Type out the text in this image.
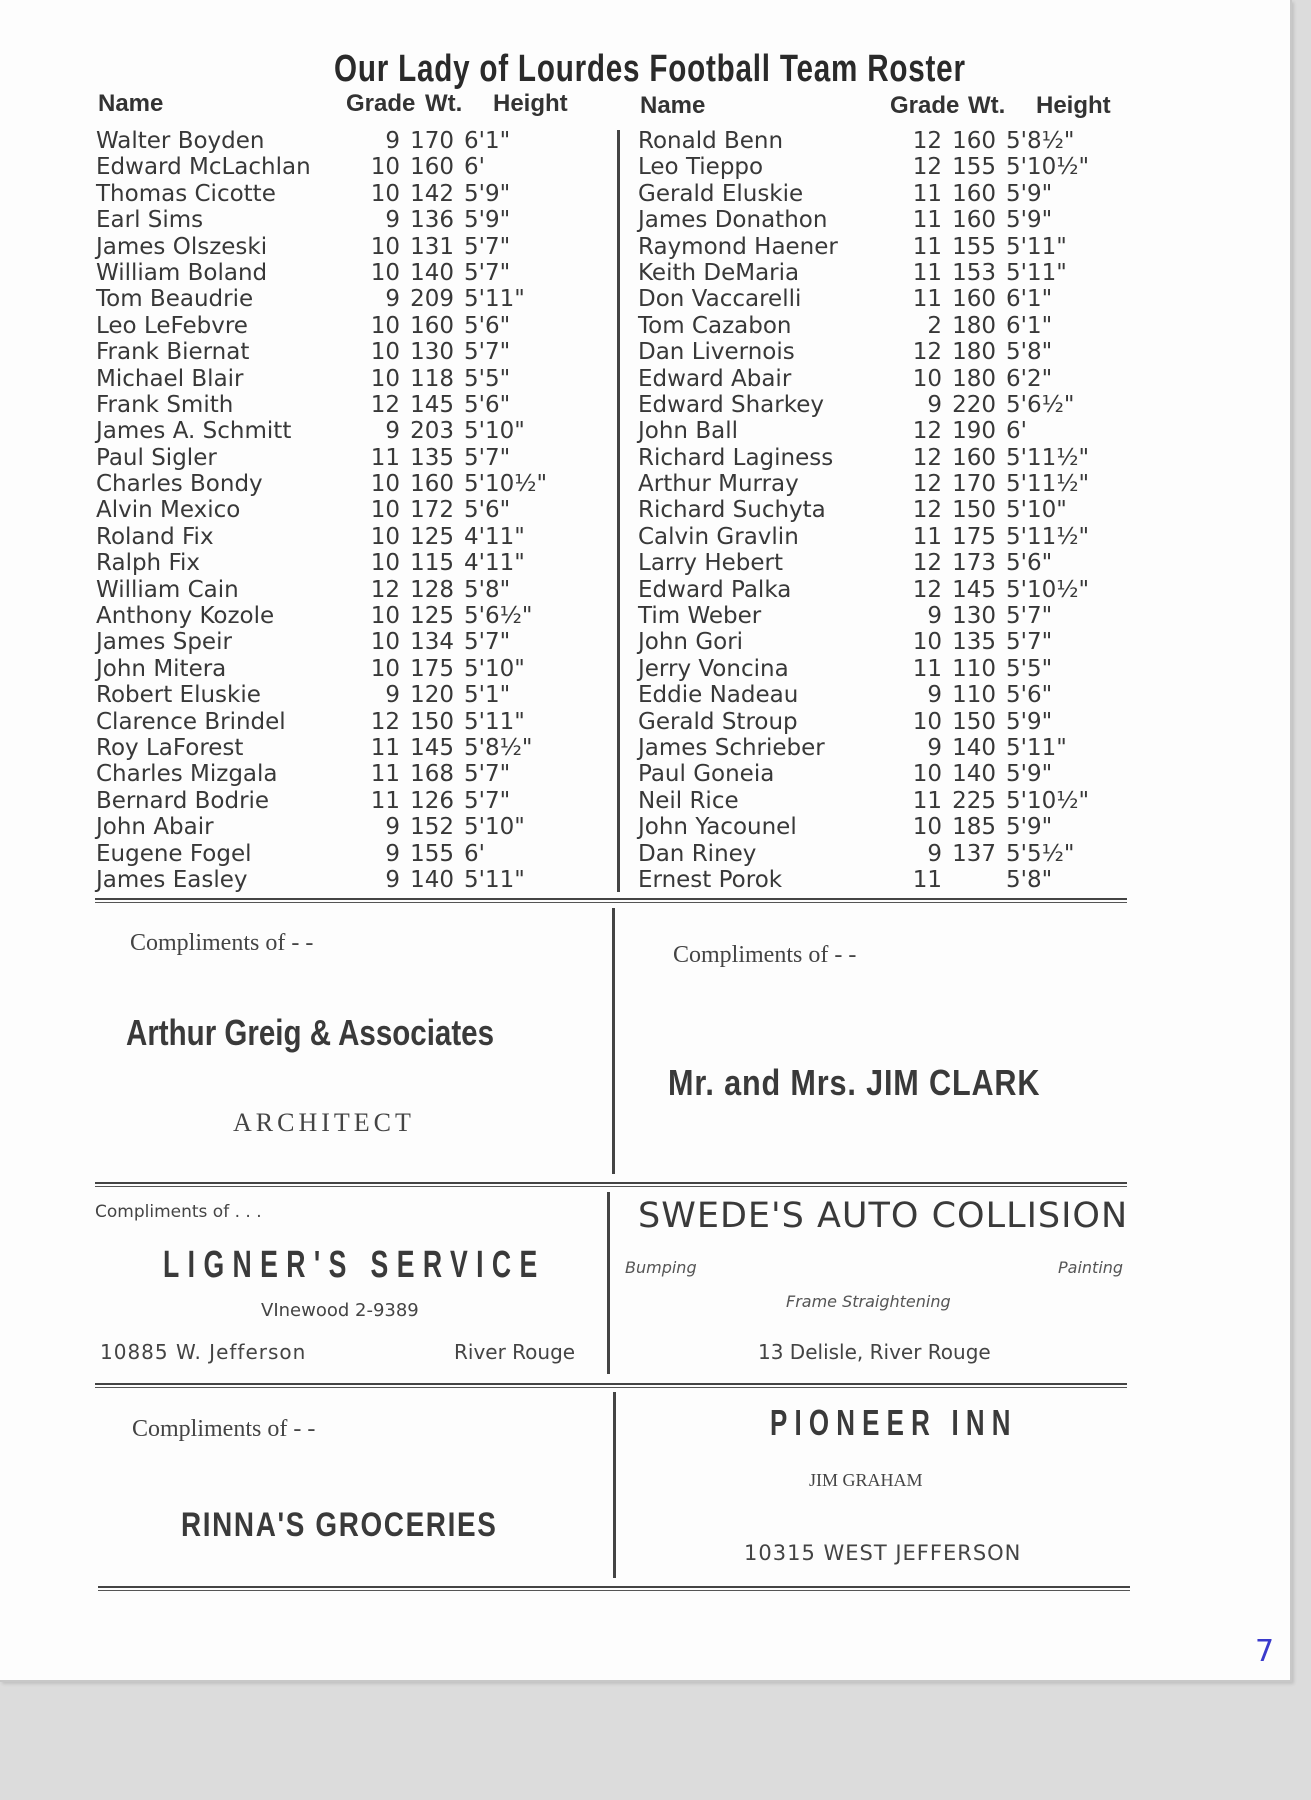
Our Lady of Lourdes Football Team Roster
Name	Grade Wt. Height	Name	Grade Wt. Height
Walter Boyden	9 170 6'1"
Edward McLachlan	10 160 6'
Thomas Cicotte	10 142 5'9"
Earl Sims	9 136 5'9"
James Olszeski	10 131 5'7"
William Boland	10 140 5'7"
Tom Beaudrie	9 209 5'11"
Leo LeFebvre	10 160 5'6"
Frank Biernat	10 130 5'7"
Michael Blair	10 118 5'5"
Frank Smith	12 145 5'6"
James A. Schmitt	9 203 5'10"
Paul Sigler	11 135 5'7"
Charles Bondy	10 160 5'10½"
Alvin Mexico	10 172 5'6"
Roland Fix	10 125 4'11"
Ralph Fix	10 115 4'11"
William Cain	12 128 5'8"
Anthony Kozole	10 125 5'6½"
James Speir	10 134 5'7"
John Mitera	10 175 5'10"
Robert Eluskie	9 120 5'1"
Clarence Brindel	12 150 5'11"
Roy LaForest	11 145 5'8½"
Charles Mizgala	11 168 5'7"
Bernard Bodrie	11 126 5'7"
John Abair	9 152 5'10"
Eugene Fogel	9 155 6'
James Easley	9 140 5'11"
Ronald Benn	12 160 5'8½"
Leo Tieppo	12 155 5'10½"
Gerald Eluskie	11 160 5'9"
James Donathon	11 160 5'9"
Raymond Haener	11 155 5'11"
Keith DeMaria	11 153 5'11"
Don Vaccarelli	11 160 6'1"
Tom Cazabon	2 180 6'1"
Dan Livernois	12 180 5'8"
Edward Abair	10 180 6'2"
Edward Sharkey	9 220 5'6½"
John Ball	12 190 6'
Richard Laginess	12 160 5'11½"
Arthur Murray	12 170 5'11½"
Richard Suchyta	12 150 5'10"
Calvin Gravlin	11 175 5'11½"
Larry Hebert	12 173 5'6"
Edward Palka	12 145 5'10½"
Tim Weber	9 130 5'7"
John Gori	10 135 5'7"
Jerry Voncina	11 110 5'5"
Eddie Nadeau	9 110 5'6"
Gerald Stroup	10 150 5'9"
James Schrieber	9 140 5'11"
Paul Goneia	10 140 5'9"
Neil Rice	11 225 5'10½"
John Yacounel	10 185 5'9"
Dan Riney	9 137 5'5½"
Ernest Porok	11	5'8"
Compliments of - -
Arthur Greig & Associates
ARCHITECT
Compliments of - -
Mr. and Mrs. JIM CLARK
Compliments of . . .
LIGNER'S SERVICE
VInewood 2-9389
10885 W. Jefferson	River Rouge
SWEDE'S AUTO COLLISION
Bumping	Painting
Frame Straightening
13 Delisle, River Rouge
Compliments of - -
RINNA'S GROCERIES
PIONEER INN
JIM GRAHAM
10315 WEST JEFFERSON
7
